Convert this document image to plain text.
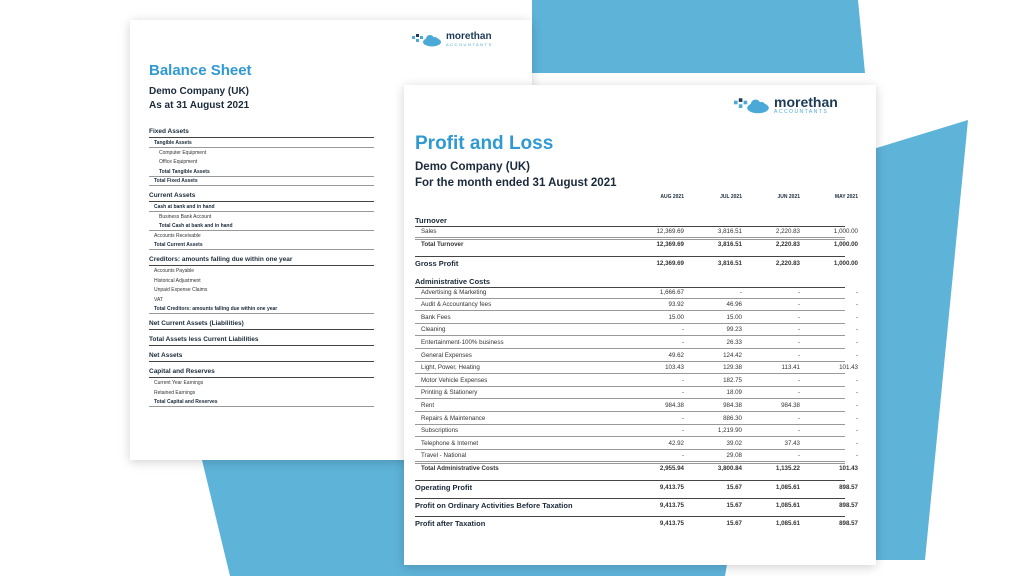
morethan
ACCOUNTANTS
Balance Sheet
Demo Company (UK)
As at 31 August 2021
Fixed Assets
Tangible Assets
Computer Equipment
Office Equipment
Total Tangible Assets
Total Fixed Assets
Current Assets
Cash at bank and in hand
Business Bank Account
Total Cash at bank and in hand
Accounts Receivable
Total Current Assets
Creditors: amounts falling due within one year
Accounts Payable
Historical Adjustment
Unpaid Expense Claims
VAT
Total Creditors: amounts falling due within one year
Net Current Assets (Liabilities)
Total Assets less Current Liabilities
Net Assets
Capital and Reserves
Current Year Earnings
Retained Earnings
Total Capital and Reserves
morethan
ACCOUNTANTS
Profit and Loss
Demo Company (UK)
For the month ended 31 August 2021
AUG 2021	JUL 2021	JUN 2021	MAY 2021
Turnover
Sales	12,369.69	3,816.51	2,220.83	1,000.00
Total Turnover	12,369.69	3,816.51	2,220.83	1,000.00
Gross Profit	12,369.69	3,816.51	2,220.83	1,000.00
Administrative Costs
Advertising & Marketing	1,666.67	-	-	-
Audit & Accountancy fees	93.92	46.96	-	-
Bank Fees	15.00	15.00	-	-
Cleaning	-	99.23	-	-
Entertainment-100% business	-	26.33	-	-
General Expenses	49.62	124.42	-	-
Light, Power, Heating	103.43	129.38	113.41	101.43
Motor Vehicle Expenses	-	182.75	-	-
Printing & Stationery	-	18.09	-	-
Rent	984.38	984.38	984.38	-
Repairs & Maintenance	-	886.30	-	-
Subscriptions	-	1,219.90	-	-
Telephone & Internet	42.92	39.02	37.43	-
Travel - National	-	29.08	-	-
Total Administrative Costs	2,955.94	3,800.84	1,135.22	101.43
Operating Profit	9,413.75	15.67	1,085.61	898.57
Profit on Ordinary Activities Before Taxation	9,413.75	15.67	1,085.61	898.57
Profit after Taxation	9,413.75	15.67	1,085.61	898.57
